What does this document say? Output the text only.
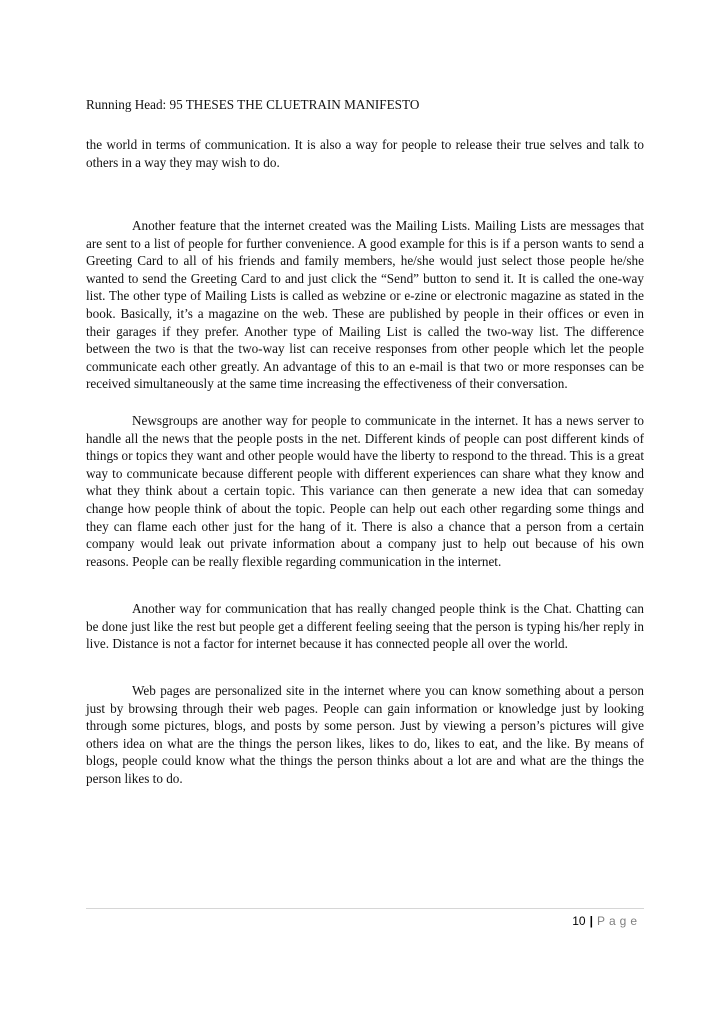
Running Head: 95 THESES THE CLUETRAIN MANIFESTO

the world in terms of communication. It is also a way for people to release their true selves and talk to others in a way they may wish to do.

Another feature that the internet created was the Mailing Lists. Mailing Lists are messages that are sent to a list of people for further convenience. A good example for this is if a person wants to send a Greeting Card to all of his friends and family members, he/she would just select those people he/she wanted to send the Greeting Card to and just click the “Send” button to send it. It is called the one-way list. The other type of Mailing Lists is called as webzine or e-zine or electronic magazine as stated in the book. Basically, it’s a magazine on the web. These are published by people in their offices or even in their garages if they prefer. Another type of Mailing List is called the two-way list. The difference between the two is that the two-way list can receive responses from other people which let the people communicate each other greatly. An advantage of this to an e-mail is that two or more responses can be received simultaneously at the same time increasing the effectiveness of their conversation.

Newsgroups are another way for people to communicate in the internet. It has a news server to handle all the news that the people posts in the net. Different kinds of people can post different kinds of things or topics they want and other people would have the liberty to respond to the thread. This is a great way to communicate because different people with different experiences can share what they know and what they think about a certain topic. This variance can then generate a new idea that can someday change how people think of about the topic. People can help out each other regarding some things and they can flame each other just for the hang of it. There is also a chance that a person from a certain company would leak out private information about a company just to help out because of his own reasons. People can be really flexible regarding communication in the internet.

Another way for communication that has really changed people think is the Chat. Chatting can be done just like the rest but people get a different feeling seeing that the person is typing his/her reply in live. Distance is not a factor for internet because it has connected people all over the world.

Web pages are personalized site in the internet where you can know something about a person just by browsing through their web pages. People can gain information or knowledge just by looking through some pictures, blogs, and posts by some person. Just by viewing a person’s pictures will give others idea on what are the things the person likes, likes to do, likes to eat, and the like. By means of blogs, people could know what the things the person thinks about a lot are and what are the things the person likes to do.

10 | Page
